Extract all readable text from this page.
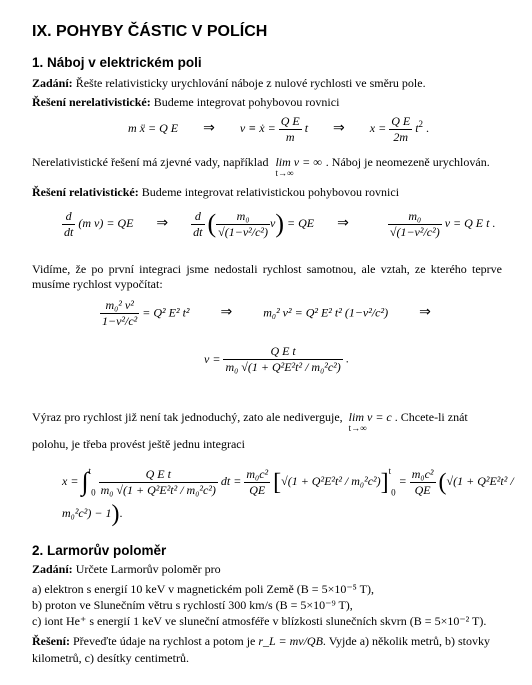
IX. POHYBY ČÁSTIC V POLÍCH
1. Náboj v elektrickém poli
Zadání: Řešte relativisticky urychlování náboje z nulové rychlosti ve směru pole.
Řešení nerelativistické: Budeme integrovat pohybovou rovnici
m ẍ = Q E ⇒ v ≡ ẋ = $\frac{\text{Q E}}{m}$ t ⇒ $x = \frac{\text{Q E}}{2m} t^2$ .
Nerelativistické řešení má zjevné vady, například lim v = ∞
t→∞
. Náboj je neomezeně urychlován.
Řešení relativistické: Budeme integrovat relativistickou pohybovou rovnici
$\frac{d}{dt} (m$ v) = QE ⇒ $\frac{d}{dt}$ ( $\frac{\text{m₀}}{\text{√(1−v²/c²)}} v$) = QE ⇒	$\frac{\text{m₀}}{\text{√(1−v²/c²)}}$ v = Q E t .
Vidíme, že po první integraci jsme nedostali rychlost samotnou, ale vztah, ze kterého teprve musíme rychlost vypočítat:
$\frac{\text{m₀² v²}}{\text{1−v²/c²}} = Q^2$ E² t² ⇒	m₀² v² = Q² E² t² (1−v²/c²) ⇒
$v = \frac{\text{Q E t}}{\text{m₀ √(1 + Q²E²t² / m₀²c²)}}$ .
Výraz pro rychlost již není tak jednoduchý, zato ale nediverguje, lim v = c
t→∞
. Chcete-li znát
polohu, je třeba provést ještě jednu integraci
$x = \int^t0 \frac{\text{Q E t}}{\text{m₀ √(1 + Q²E²t² / m₀²c²)}}$ dt = $\frac{\text{m₀c²}}{QE} [√(1 + Q^2E^2t^2 / m_0^2c^2)]^t0 = \frac{\text{m₀c²}}{QE} (√(1 + Q^2E^2t^2 / m_0^2c^2) - 1)$.
2. Larmorův poloměr
Zadání: Určete Larmorův poloměr pro
a) elektron s energií 10 keV v magnetickém poli Země (B = 5×10⁻⁵ T),
b) proton ve Slunečním větru s rychlostí 300 km/s (B = 5×10⁻⁹ T),
c) iont He⁺ s energií 1 keV ve sluneční atmosféře v blízkosti slunečních skvrn (B = 5×10⁻² T).
Řešení: Převeďte údaje na rychlost a potom je r_L = mv/QB. Vyjde a) několik metrů, b) stovky
kilometrů, c) desítky centimetrů.
